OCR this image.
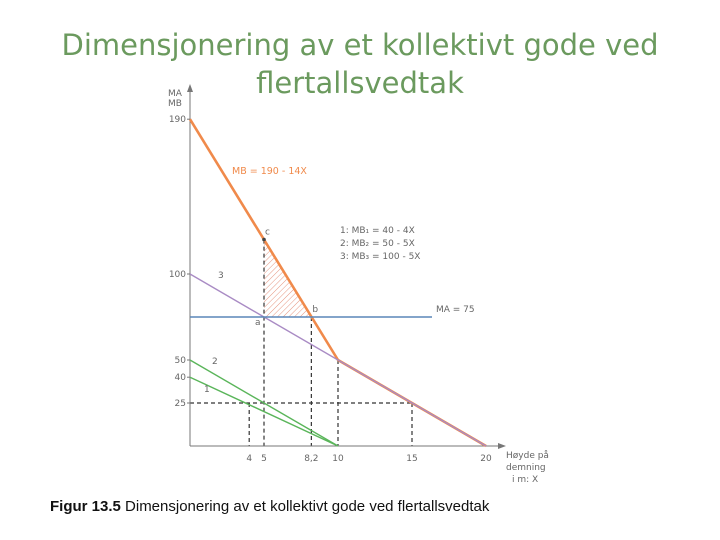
Dimensjonering av et kollektivt gode ved flertallsvedtak
190
100
50
40
25
4 5	8,2 10	15	20
MA
MB
Høyde på
demning
i m: X
MB = 190 - 14X
MA = 75
1: MB₁ = 40 - 4X
2: MB₂ = 50 - 5X
3: MB₃ = 100 - 5X
c
b
a
3
2
1
Figur 13.5 Dimensjonering av et kollektivt gode ved flertallsvedtak
